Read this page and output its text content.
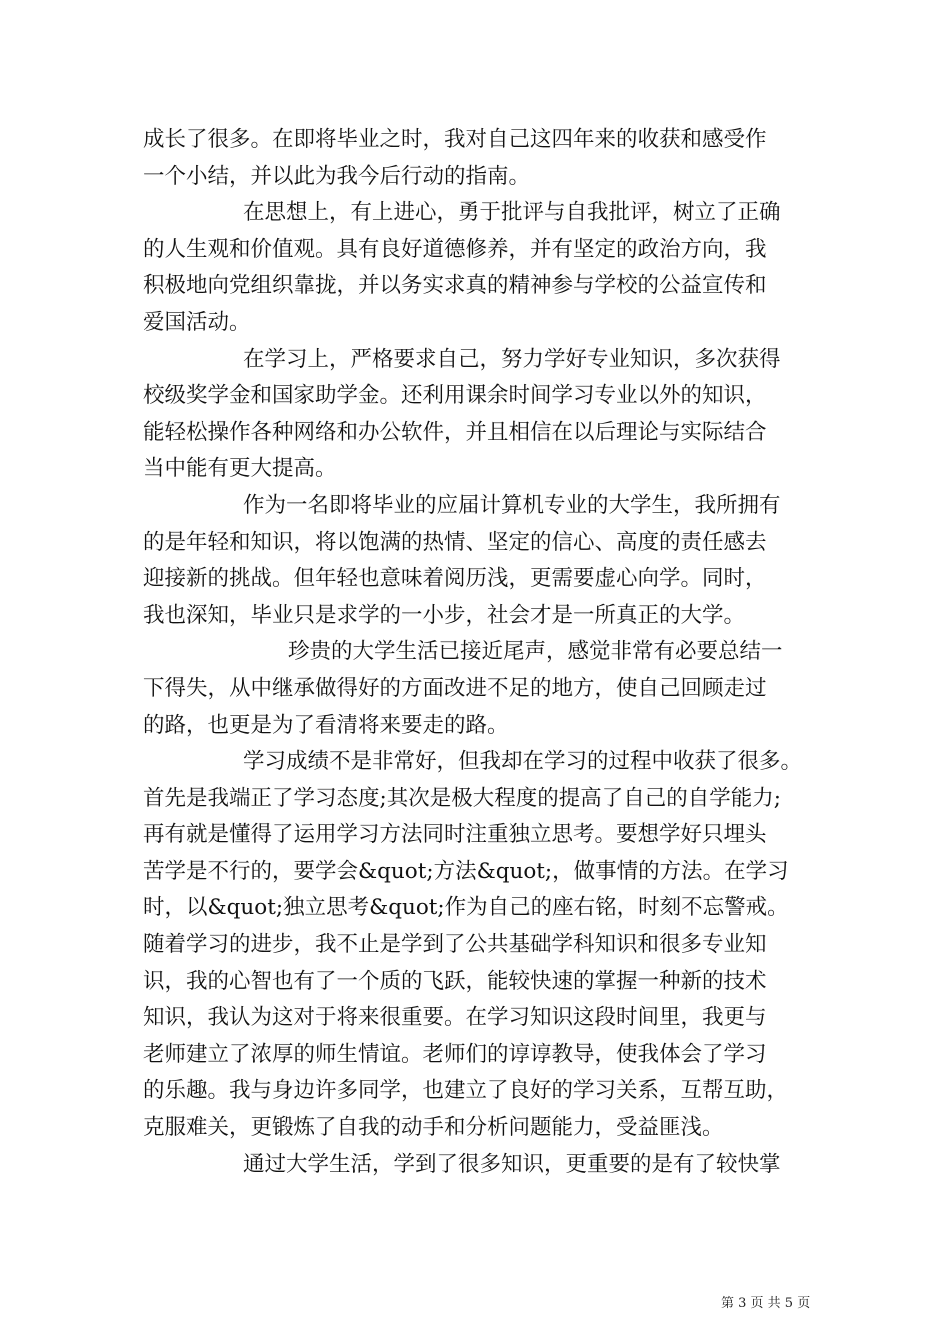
成长了很多。在即将毕业之时，我对自己这四年来的收获和感受作

一个小结，并以此为我今后行动的指南。

在思想上，有上进心，勇于批评与自我批评，树立了正确

的人生观和价值观。具有良好道德修养，并有坚定的政治方向，我

积极地向党组织靠拢，并以务实求真的精神参与学校的公益宣传和

爱国活动。

在学习上，严格要求自己，努力学好专业知识，多次获得

校级奖学金和国家助学金。还利用课余时间学习专业以外的知识，

能轻松操作各种网络和办公软件，并且相信在以后理论与实际结合

当中能有更大提高。

作为一名即将毕业的应届计算机专业的大学生，我所拥有

的是年轻和知识，将以饱满的热情、坚定的信心、高度的责任感去

迎接新的挑战。但年轻也意味着阅历浅，更需要虚心向学。同时，

我也深知，毕业只是求学的一小步，社会才是一所真正的大学。

珍贵的大学生活已接近尾声，感觉非常有必要总结一

下得失，从中继承做得好的方面改进不足的地方，使自己回顾走过

的路，也更是为了看清将来要走的路。

学习成绩不是非常好，但我却在学习的过程中收获了很多。

首先是我端正了学习态度;其次是极大程度的提高了自己的自学能力;

再有就是懂得了运用学习方法同时注重独立思考。要想学好只埋头

苦学是不行的，要学会&quot;方法&quot;，做事情的方法。在学习

时，以&quot;独立思考&quot;作为自己的座右铭，时刻不忘警戒。

随着学习的进步，我不止是学到了公共基础学科知识和很多专业知

识，我的心智也有了一个质的飞跃，能较快速的掌握一种新的技术

知识，我认为这对于将来很重要。在学习知识这段时间里，我更与

老师建立了浓厚的师生情谊。老师们的谆谆教导，使我体会了学习

的乐趣。我与身边许多同学，也建立了良好的学习关系，互帮互助，

克服难关，更锻炼了自我的动手和分析问题能力，受益匪浅。

通过大学生活，学到了很多知识，更重要的是有了较快掌

第 3 页 共 5 页
